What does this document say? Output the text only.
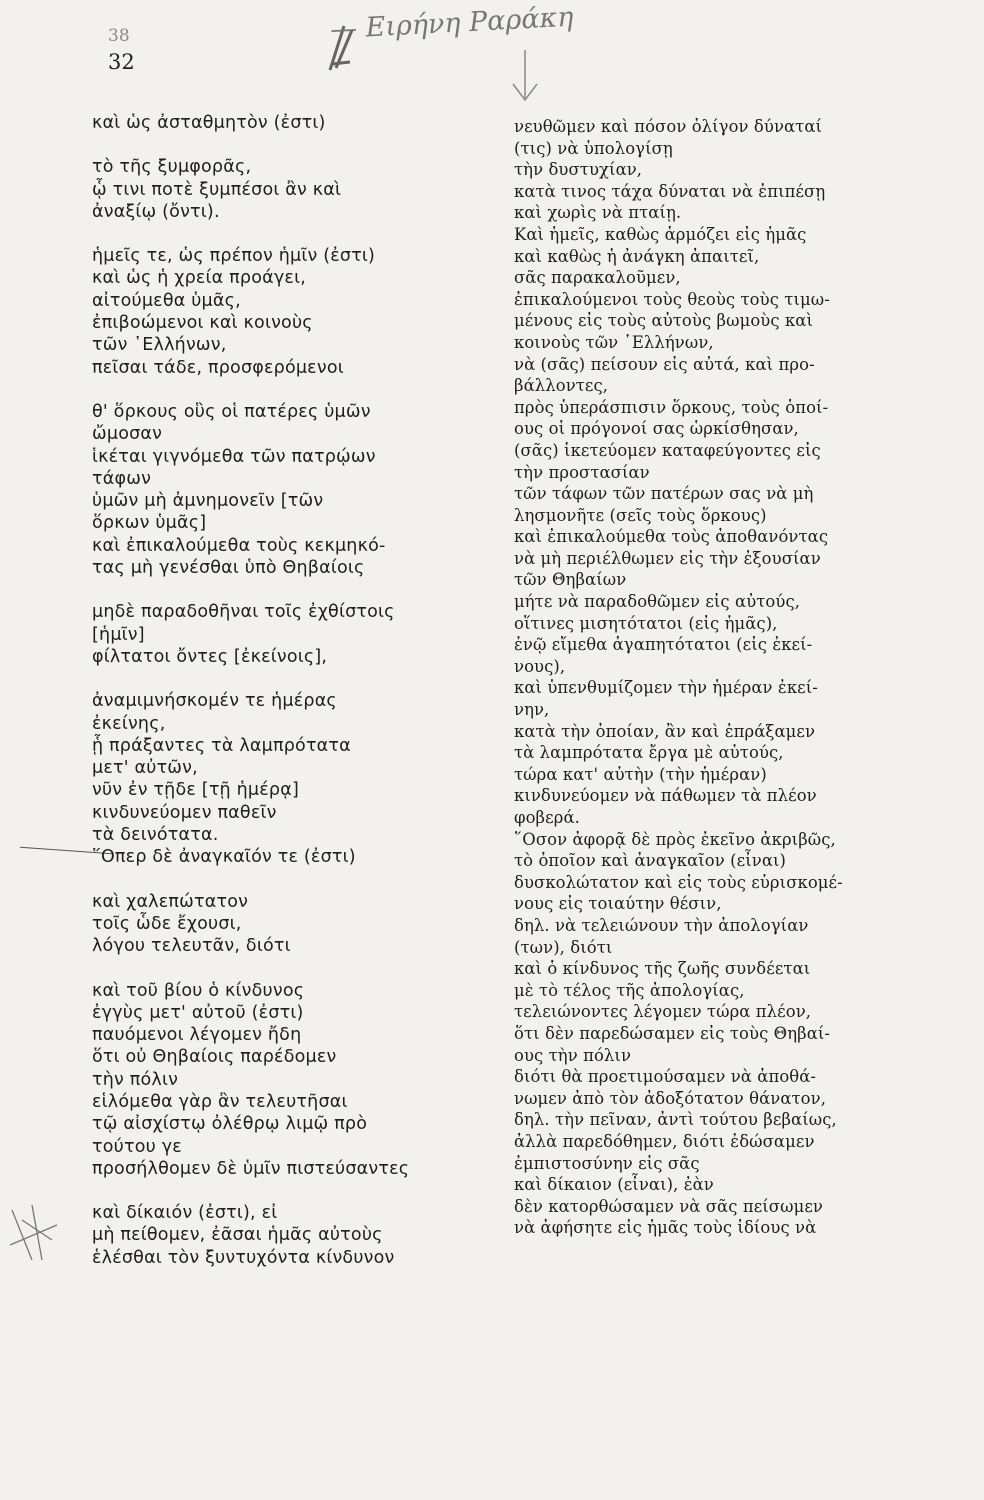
38
32
— Ειρήνη Ραράκη
καὶ ὡς ἀσταθμητὸν (ἐστι)
τὸ τῆς ξυμφορᾶς,
ᾧ τινι ποτὲ ξυμπέσοι ἂν καὶ
ἀναξίῳ (ὄντι).
ἡμεῖς τε, ὡς πρέπον ἡμῖν (ἐστι)
καὶ ὡς ἡ χρεία προάγει,
αἰτούμεθα ὑμᾶς,
ἐπιβοώμενοι καὶ κοινοὺς
τῶν ῾Ελλήνων,
πεῖσαι τάδε, προσφερόμενοι
θ' ὅρκους οὓς οἱ πατέρες ὑμῶν
ὤμοσαν
ἱκέται γιγνόμεθα τῶν πατρῴων
τάφων
ὑμῶν μὴ ἀμνημονεῖν [τῶν
ὅρκων ὑμᾶς]
καὶ ἐπικαλούμεθα τοὺς κεκμηκό-
τας μὴ γενέσθαι ὑπὸ Θηβαίοις
μηδὲ παραδοθῆναι τοῖς ἐχθίστοις
[ἡμῖν]
φίλτατοι ὄντες [ἐκείνοις],
ἀναμιμνήσκομέν τε ἡμέρας
ἐκείνης,
ᾗ πράξαντες τὰ λαμπρότατα
μετ' αὐτῶν,
νῦν ἐν τῇδε [τῇ ἡμέρᾳ]
κινδυνεύομεν παθεῖν
τὰ δεινότατα.
῞Οπερ δὲ ἀναγκαῖόν τε (ἐστι)
καὶ χαλεπώτατον
τοῖς ὧδε ἔχουσι,
λόγου τελευτᾶν, διότι
καὶ τοῦ βίου ὁ κίνδυνος
ἐγγὺς μετ' αὐτοῦ (ἐστι)
παυόμενοι λέγομεν ἤδη
ὅτι οὐ Θηβαίοις παρέδομεν
τὴν πόλιν
εἱλόμεθα γὰρ ἂν τελευτῆσαι
τῷ αἰσχίστῳ ὀλέθρῳ λιμῷ πρὸ
τούτου γε
προσήλθομεν δὲ ὑμῖν πιστεύσαντες
καὶ δίκαιόν (ἐστι), εἰ
μὴ πείθομεν, ἐᾶσαι ἡμᾶς αὐτοὺς
ἑλέσθαι τὸν ξυντυχόντα κίνδυνον
νευθῶμεν καὶ πόσον ὀλίγον δύναταί
(τις) νὰ ὑπολογίσῃ
τὴν δυστυχίαν,
κατὰ τινος τάχα δύναται νὰ ἐπιπέσῃ
καὶ χωρὶς νὰ πταίῃ.
Καὶ ἡμεῖς, καθὼς ἁρμόζει εἰς ἡμᾶς
καὶ καθὼς ἡ ἀνάγκη ἀπαιτεῖ,
σᾶς παρακαλοῦμεν,
ἐπικαλούμενοι τοὺς θεοὺς τοὺς τιμω-
μένους εἰς τοὺς αὐτοὺς βωμοὺς καὶ
κοινοὺς τῶν ῾Ελλήνων,
νὰ (σᾶς) πείσουν εἰς αὐτά, καὶ προ-
βάλλοντες,
πρὸς ὑπεράσπισιν ὅρκους, τοὺς ὁποί-
ους οἱ πρόγονοί σας ὡρκίσθησαν,
(σᾶς) ἱκετεύομεν καταφεύγοντες εἰς
τὴν προστασίαν
τῶν τάφων τῶν πατέρων σας νὰ μὴ
λησμονῆτε (σεῖς τοὺς ὅρκους)
καὶ ἐπικαλούμεθα τοὺς ἀποθανόντας
νὰ μὴ περιέλθωμεν εἰς τὴν ἐξουσίαν
τῶν Θηβαίων
μήτε νὰ παραδοθῶμεν εἰς αὐτούς,
οἵτινες μισητότατοι (εἰς ἡμᾶς),
ἐνῷ εἴμεθα ἀγαπητότατοι (εἰς ἐκεί-
νους),
καὶ ὑπενθυμίζομεν τὴν ἡμέραν ἐκεί-
νην,
κατὰ τὴν ὁποίαν, ἂν καὶ ἐπράξαμεν
τὰ λαμπρότατα ἔργα μὲ αὐτούς,
τώρα κατ' αὐτὴν (τὴν ἡμέραν)
κινδυνεύομεν νὰ πάθωμεν τὰ πλέον
φοβερά.
῞Οσον ἀφορᾷ δὲ πρὸς ἐκεῖνο ἀκριβῶς,
τὸ ὁποῖον καὶ ἀναγκαῖον (εἶναι)
δυσκολώτατον καὶ εἰς τοὺς εὑρισκομέ-
νους εἰς τοιαύτην θέσιν,
δηλ. νὰ τελειώνουν τὴν ἀπολογίαν
(των), διότι
καὶ ὁ κίνδυνος τῆς ζωῆς συνδέεται
μὲ τὸ τέλος τῆς ἀπολογίας,
τελειώνοντες λέγομεν τώρα πλέον,
ὅτι δὲν παρεδώσαμεν εἰς τοὺς Θηβαί-
ους τὴν πόλιν
διότι θὰ προετιμούσαμεν νὰ ἀποθά-
νωμεν ἀπὸ τὸν ἀδοξότατον θάνατον,
δηλ. τὴν πεῖναν, ἀντὶ τούτου βεβαίως,
ἀλλὰ παρεδόθημεν, διότι ἐδώσαμεν
ἐμπιστοσύνην εἰς σᾶς
καὶ δίκαιον (εἶναι), ἐὰν
δὲν κατορθώσαμεν νὰ σᾶς πείσωμεν
νὰ ἀφήσητε εἰς ἡμᾶς τοὺς ἰδίους νὰ
